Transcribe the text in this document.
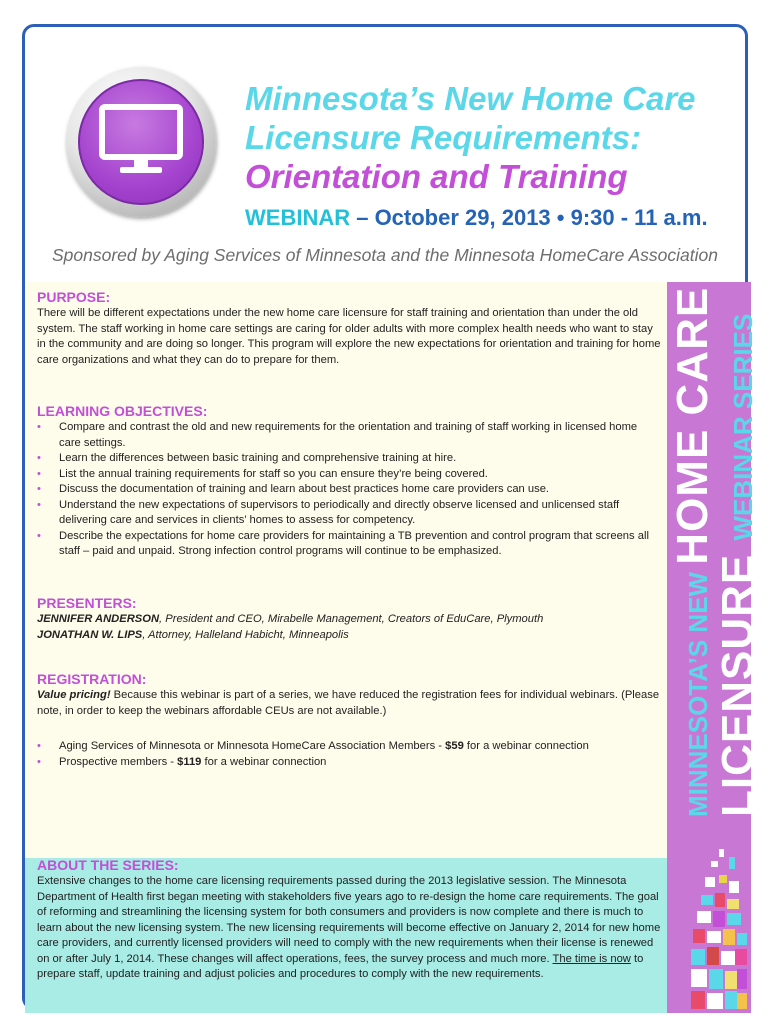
Minnesota’s New Home Care
Licensure Requirements:
Orientation and Training
WEBINAR – October 29, 2013 • 9:30 - 11 a.m.
Sponsored by Aging Services of Minnesota and the Minnesota HomeCare Association
MINNESOTA’S NEW HOME CARE
LICENSURE WEBINAR SERIES
PURPOSE:
There will be different expectations under the new home care licensure for staff training and orientation than under the old system. The staff working in home care settings are caring for older adults with more complex health needs who want to stay in the community and are doing so longer. This program will explore the new expectations for orientation and training for home care organizations and what they can do to prepare for them.
LEARNING OBJECTIVES:
• Compare and contrast the old and new requirements for the orientation and training of staff working in licensed home care settings.
• Learn the differences between basic training and comprehensive training at hire.
• List the annual training requirements for staff so you can ensure they’re being covered.
• Discuss the documentation of training and learn about best practices home care providers can use.
• Understand the new expectations of supervisors to periodically and directly observe licensed and unlicensed staff delivering care and services in clients’ homes to assess for competency.
• Describe the expectations for home care providers for maintaining a TB prevention and control program that screens all staff – paid and unpaid. Strong infection control programs will continue to be emphasized.
PRESENTERS:
JENNIFER ANDERSON, President and CEO, Mirabelle Management, Creators of EduCare, Plymouth
JONATHAN W. LIPS, Attorney, Halleland Habicht, Minneapolis
REGISTRATION:
Value pricing! Because this webinar is part of a series, we have reduced the registration fees for individual webinars. (Please note, in order to keep the webinars affordable CEUs are not available.)
• Aging Services of Minnesota or Minnesota HomeCare Association Members - $59 for a webinar connection
• Prospective members - $119 for a webinar connection
ABOUT THE SERIES:
Extensive changes to the home care licensing requirements passed during the 2013 legislative session. The Minnesota Department of Health first began meeting with stakeholders five years ago to re-design the home care requirements. The goal of reforming and streamlining the licensing system for both consumers and providers is now complete and there is much to learn about the new licensing system. The new licensing requirements will become effective on January 2, 2014 for new home care providers, and currently licensed providers will need to comply with the new requirements when their license is renewed on or after July 1, 2014. These changes will affect operations, fees, the survey process and much more. The time is now to prepare staff, update training and adjust policies and procedures to comply with the new requirements.
